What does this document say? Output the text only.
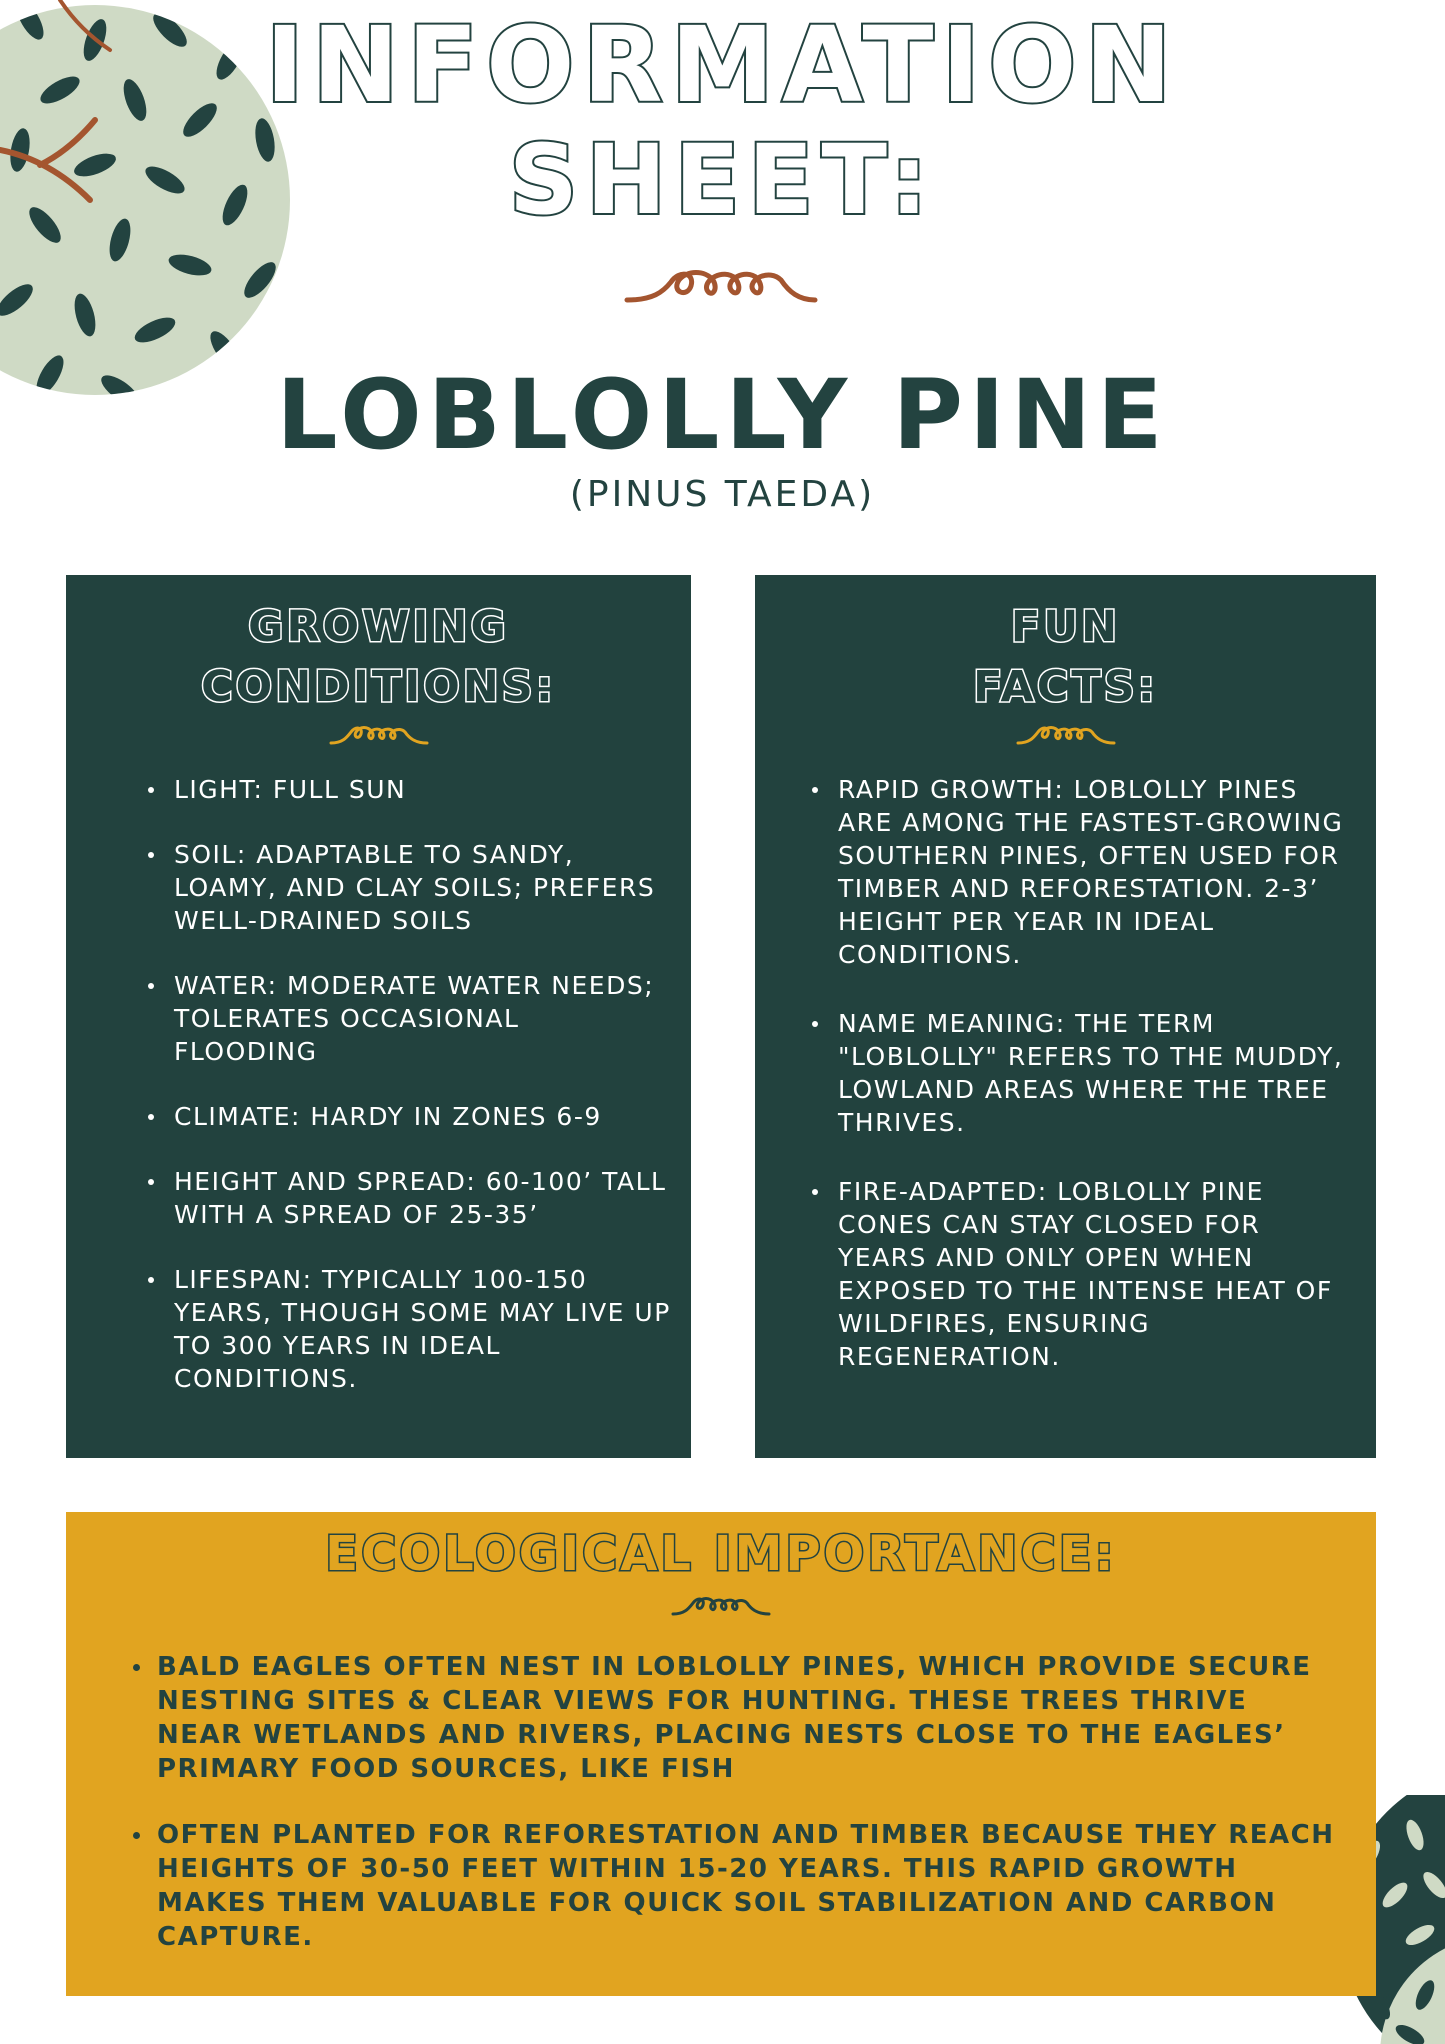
INFORMATION
SHEET:
LOBLOLLY PINE
(PINUS TAEDA)
GROWING
CONDITIONS:
LIGHT: FULL SUN
SOIL: ADAPTABLE TO SANDY, LOAMY, AND CLAY SOILS; PREFERS WELL-DRAINED SOILS
WATER: MODERATE WATER NEEDS; TOLERATES OCCASIONAL FLOODING
CLIMATE: HARDY IN ZONES 6-9
HEIGHT AND SPREAD: 60-100’ TALL WITH A SPREAD OF 25-35’
LIFESPAN: TYPICALLY 100-150 YEARS, THOUGH SOME MAY LIVE UP TO 300 YEARS IN IDEAL CONDITIONS.
FUN
FACTS:
RAPID GROWTH: LOBLOLLY PINES ARE AMONG THE FASTEST-GROWING SOUTHERN PINES, OFTEN USED FOR TIMBER AND REFORESTATION. 2-3’ HEIGHT PER YEAR IN IDEAL CONDITIONS.
NAME MEANING: THE TERM "LOBLOLLY" REFERS TO THE MUDDY, LOWLAND AREAS WHERE THE TREE THRIVES.
FIRE-ADAPTED: LOBLOLLY PINE CONES CAN STAY CLOSED FOR YEARS AND ONLY OPEN WHEN EXPOSED TO THE INTENSE HEAT OF WILDFIRES, ENSURING REGENERATION.
ECOLOGICAL IMPORTANCE:
BALD EAGLES OFTEN NEST IN LOBLOLLY PINES, WHICH PROVIDE SECURE NESTING SITES & CLEAR VIEWS FOR HUNTING. THESE TREES THRIVE NEAR WETLANDS AND RIVERS, PLACING NESTS CLOSE TO THE EAGLES’ PRIMARY FOOD SOURCES, LIKE FISH
OFTEN PLANTED FOR REFORESTATION AND TIMBER BECAUSE THEY REACH HEIGHTS OF 30-50 FEET WITHIN 15-20 YEARS. THIS RAPID GROWTH MAKES THEM VALUABLE FOR QUICK SOIL STABILIZATION AND CARBON CAPTURE.
